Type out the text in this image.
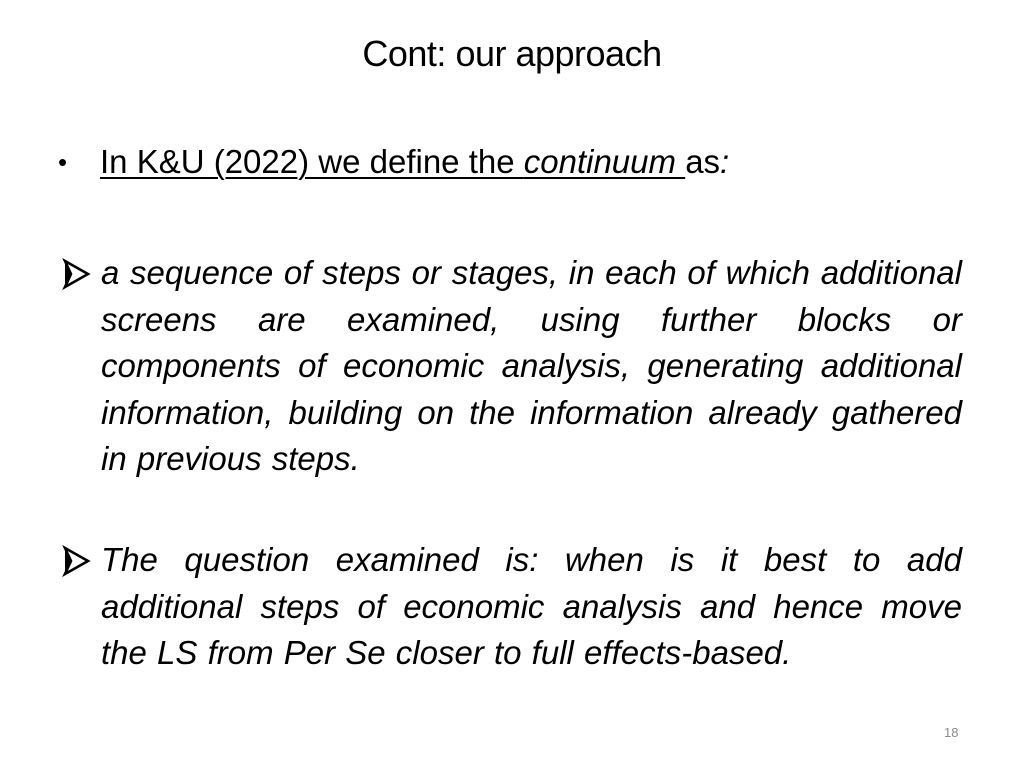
Cont: our approach
• In K&U (2022) we define the continuum as:
a sequence of steps or stages, in each of which additional screens are examined, using further blocks or components of economic analysis, generating additional information, building on the information already gathered in previous steps.
The question examined is: when is it best to add additional steps of economic analysis and hence move the LS from Per Se closer to full effects-based.
18
